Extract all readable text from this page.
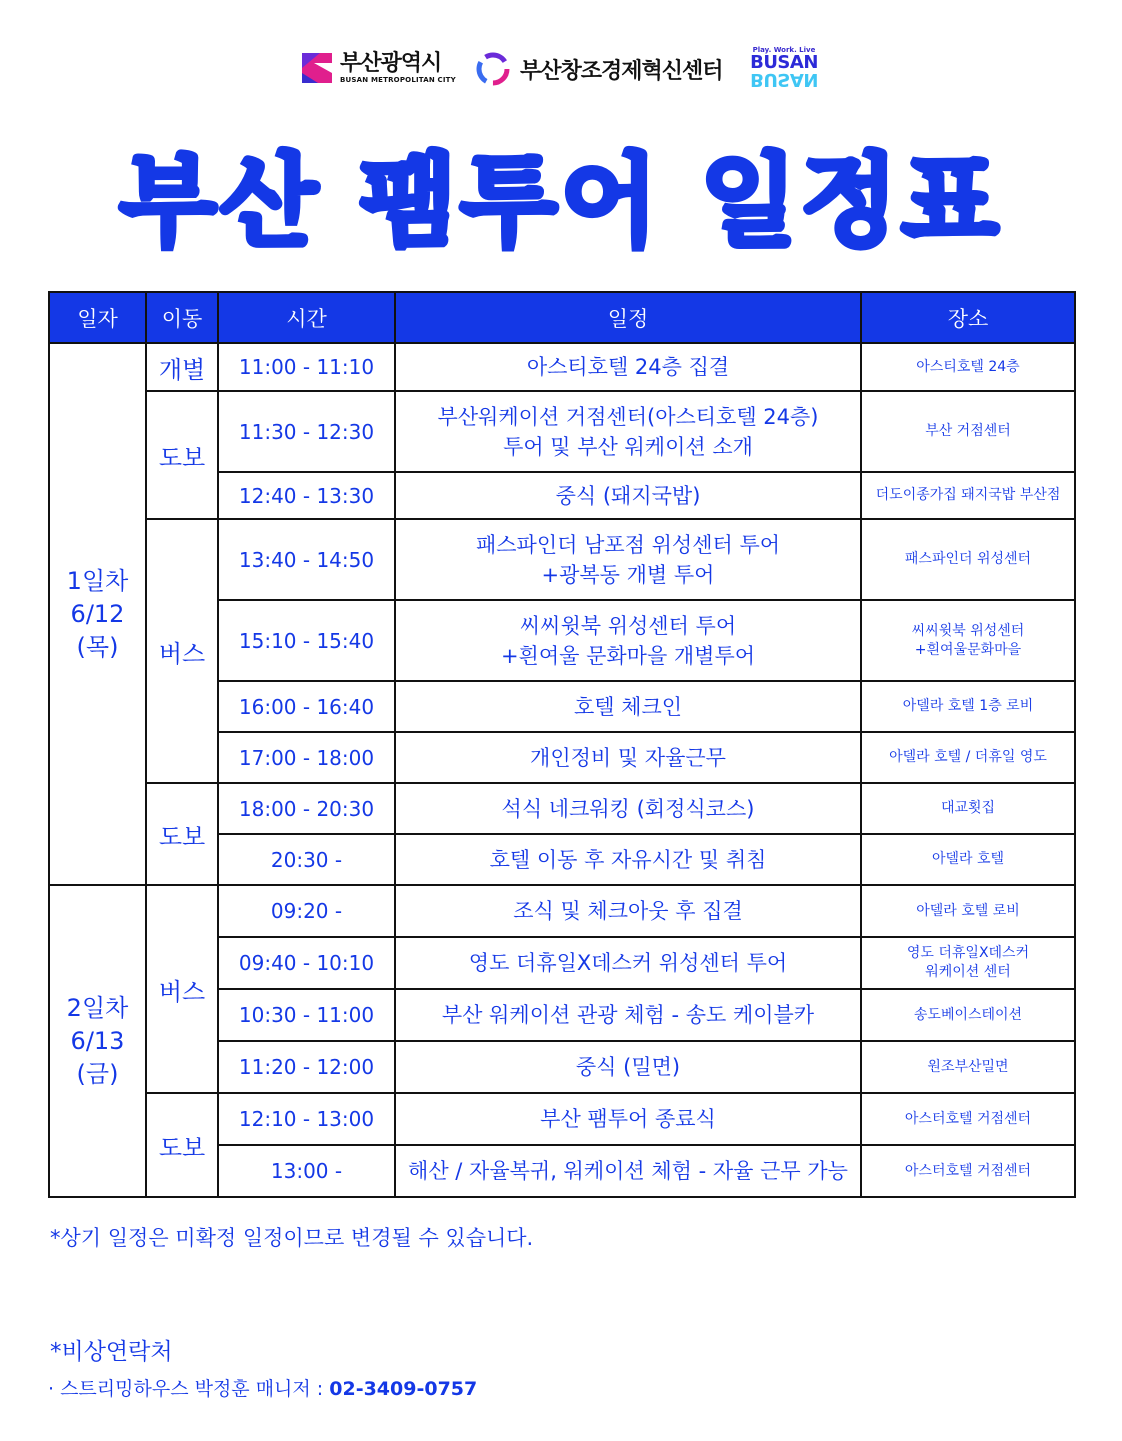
부산광역시
BUSAN METROPOLITAN CITY	부산창조경제혁신센터
Play. Work. Live
BUSAN
BUSAN
부산 팸투어 일정표
일자	이동	시간	일정	장소
1일차
6/12
(목)	개별	11:00 - 11:10	아스티호텔 24층 집결	아스티호텔 24층
	도보	11:30 - 12:30	부산워케이션 거점센터(아스티호텔 24층)
투어 및 부산 워케이션 소개	부산 거점센터
		12:40 - 13:30	중식 (돼지국밥)	더도이종가집 돼지국밥 부산점
	버스	13:40 - 14:50	패스파인더 남포점 위성센터 투어
+광복동 개별 투어	패스파인더 위성센터
		15:10 - 15:40	씨씨윗북 위성센터 투어
+흰여울 문화마을 개별투어	씨씨윗북 위성센터
+흰여울문화마을
		16:00 - 16:40	호텔 체크인	아델라 호텔 1층 로비
		17:00 - 18:00	개인정비 및 자율근무	아델라 호텔 / 더휴일 영도
	도보	18:00 - 20:30	석식 네크워킹 (회정식코스)	대교횟집
		20:30 -	호텔 이동 후 자유시간 및 취침	아델라 호텔
2일차
6/13
(금)	버스	09:20 -	조식 및 체크아웃 후 집결	아델라 호텔 로비
		09:40 - 10:10	영도 더휴일X데스커 위성센터 투어	영도 더휴일X데스커
워케이션 센터
		10:30 - 11:00	부산 워케이션 관광 체험 - 송도 케이블카	송도베이스테이션
		11:20 - 12:00	중식 (밀면)	원조부산밀면
	도보	12:10 - 13:00	부산 팸투어 종료식	아스터호텔 거점센터
		13:00 -	해산 / 자율복귀, 워케이션 체험 - 자율 근무 가능	아스터호텔 거점센터
*상기 일정은 미확정 일정이므로 변경될 수 있습니다.
*비상연락처
· 스트리밍하우스 박정훈 매니저 : 02-3409-0757
